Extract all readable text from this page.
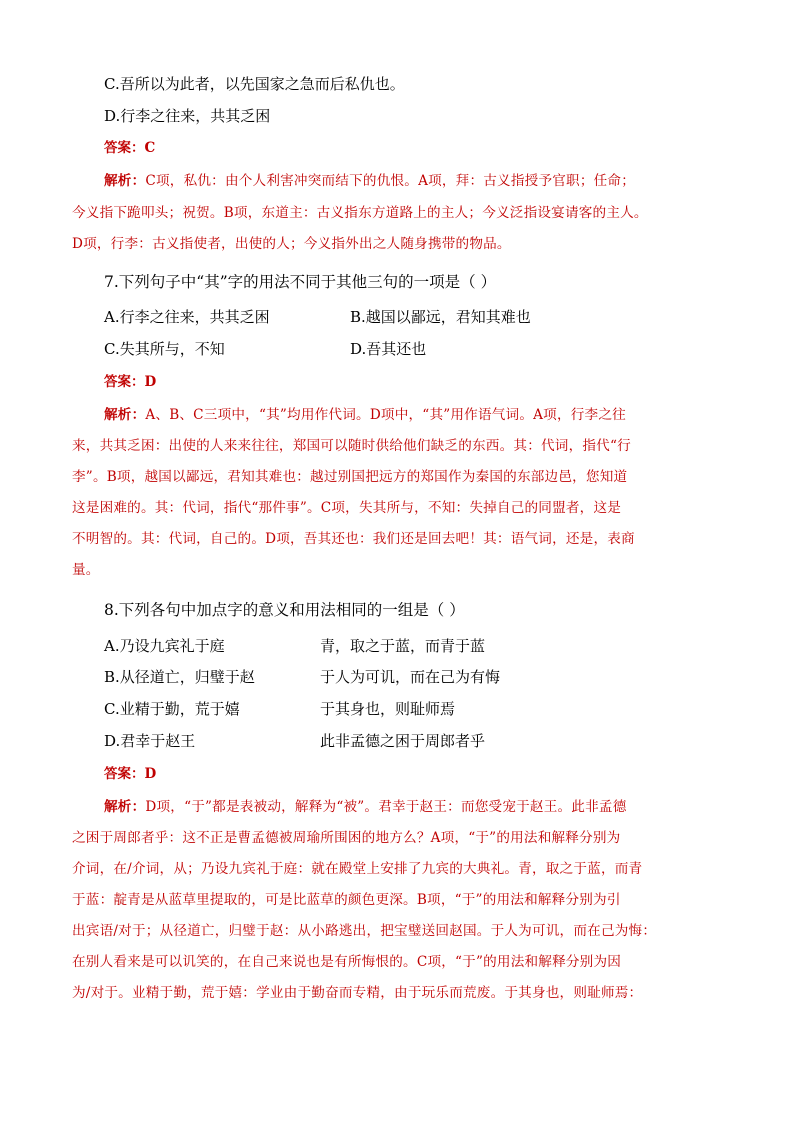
C.吾所以为此者，以先国家之急而后私仇也。
D.行李之往来，共其乏困
答案：C
解析：C项，私仇：由个人利害冲突而结下的仇恨。A项，拜：古义指授予官职；任命；
今义指下跪叩头；祝贺。B项，东道主：古义指东方道路上的主人；今义泛指设宴请客的主人。
D项，行李：古义指使者，出使的人；今义指外出之人随身携带的物品。
7.下列句子中“其”字的用法不同于其他三句的一项是（ ）
A.行李之往来，共其乏困	B.越国以鄙远，君知其难也
C.失其所与，不知	D.吾其还也
答案：D
解析：A、B、C三项中，“其”均用作代词。D项中，“其”用作语气词。A项，行李之往
来，共其乏困：出使的人来来往往，郑国可以随时供给他们缺乏的东西。其：代词，指代“行
李”。B项，越国以鄙远，君知其难也：越过别国把远方的郑国作为秦国的东部边邑，您知道
这是困难的。其：代词，指代“那件事”。C项，失其所与，不知：失掉自己的同盟者，这是
不明智的。其：代词，自己的。D项，吾其还也：我们还是回去吧！其：语气词，还是，表商
量。
8.下列各句中加点字的意义和用法相同的一组是（ ）
A.乃设九宾礼于庭	青，取之于蓝，而青于蓝
B.从径道亡，归璧于赵	于人为可讥，而在己为有悔
C.业精于勤，荒于嬉	于其身也，则耻师焉
D.君幸于赵王	此非孟德之困于周郎者乎
答案：D
解析：D项，“于”都是表被动，解释为“被”。君幸于赵王：而您受宠于赵王。此非孟德
之困于周郎者乎：这不正是曹孟德被周瑜所围困的地方么？A项，“于”的用法和解释分别为
介词，在/介词，从；乃设九宾礼于庭：就在殿堂上安排了九宾的大典礼。青，取之于蓝，而青
于蓝：靛青是从蓝草里提取的，可是比蓝草的颜色更深。B项，“于”的用法和解释分别为引
出宾语/对于；从径道亡，归璧于赵：从小路逃出，把宝璧送回赵国。于人为可讥，而在己为悔：
在别人看来是可以讥笑的，在自己来说也是有所悔恨的。C项，“于”的用法和解释分别为因
为/对于。业精于勤，荒于嬉：学业由于勤奋而专精，由于玩乐而荒废。于其身也，则耻师焉：
